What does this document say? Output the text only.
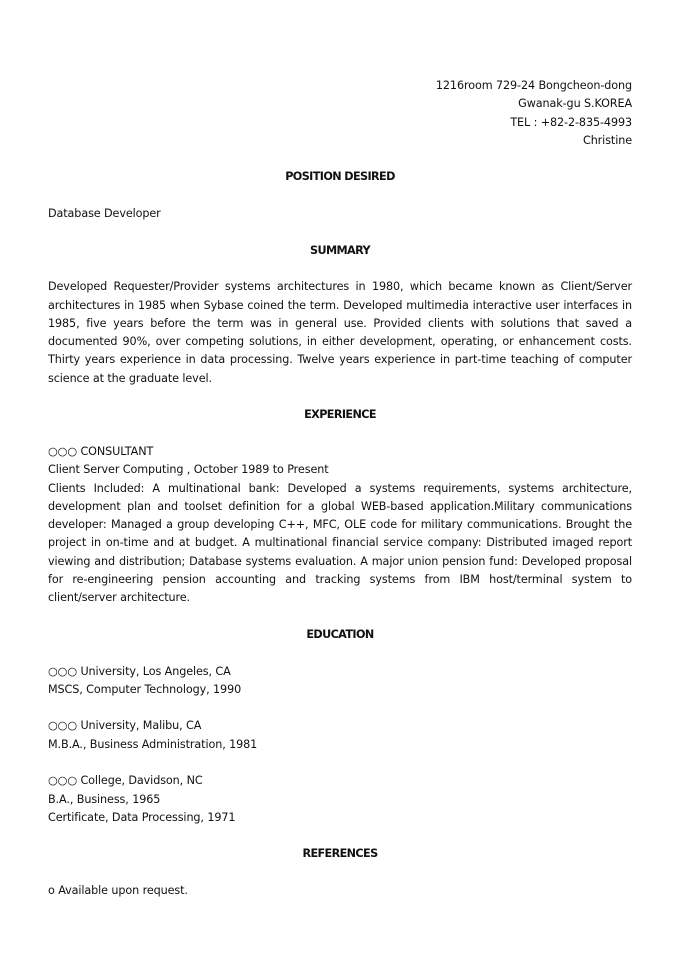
1216room 729-24 Bongcheon-dong
Gwanak-gu S.KOREA
TEL : +82-2-835-4993
Christine
POSITION DESIRED

Database Developer

SUMMARY

Developed Requester/Provider systems architectures in 1980, which became known as Client/Server architectures in 1985 when Sybase coined the term. Developed multimedia interactive user interfaces in 1985, five years before the term was in general use. Provided clients with solutions that saved a documented 90%, over competing solutions, in either development, operating, or enhancement costs. Thirty years experience in data processing. Twelve years experience in part-time teaching of computer science at the graduate level.

EXPERIENCE

○○○ CONSULTANT

Client Server Computing , October 1989 to Present

Clients Included: A multinational bank: Developed a systems requirements, systems architecture, development plan and toolset definition for a global WEB-based application.Military communications developer: Managed a group developing C++, MFC, OLE code for military communications. Brought the project in on-time and at budget. A multinational financial service company: Distributed imaged report viewing and distribution; Database systems evaluation. A major union pension fund: Developed proposal for re-engineering pension accounting and tracking systems from IBM host/terminal system to client/server architecture.

EDUCATION

○○○ University, Los Angeles, CA

MSCS, Computer Technology, 1990

○○○ University, Malibu, CA

M.B.A., Business Administration, 1981

○○○ College, Davidson, NC

B.A., Business, 1965

Certificate, Data Processing, 1971

REFERENCES

o Available upon request.
